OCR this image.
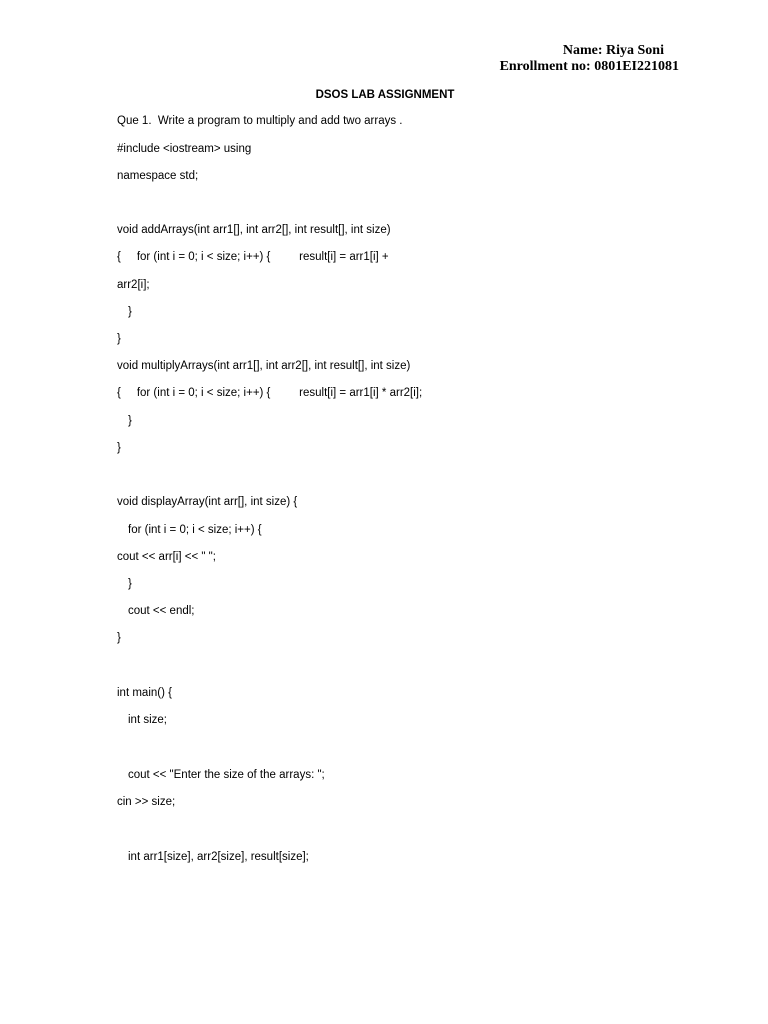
Name: Riya Soni
Enrollment no: 0801EI221081
DSOS LAB ASSIGNMENT
Que 1.  Write a program to multiply and add two arrays .
#include <iostream> using
namespace std;
void addArrays(int arr1[], int arr2[], int result[], int size)
{     for (int i = 0; i < size; i++) {         result[i] = arr1[i] +
arr2[i];
}
}
void multiplyArrays(int arr1[], int arr2[], int result[], int size)
{     for (int i = 0; i < size; i++) {         result[i] = arr1[i] * arr2[i];
}
}
void displayArray(int arr[], int size) {
for (int i = 0; i < size; i++) {
cout << arr[i] << " ";
}
cout << endl;
}
int main() {
int size;
cout << "Enter the size of the arrays: ";
cin >> size;
int arr1[size], arr2[size], result[size];
